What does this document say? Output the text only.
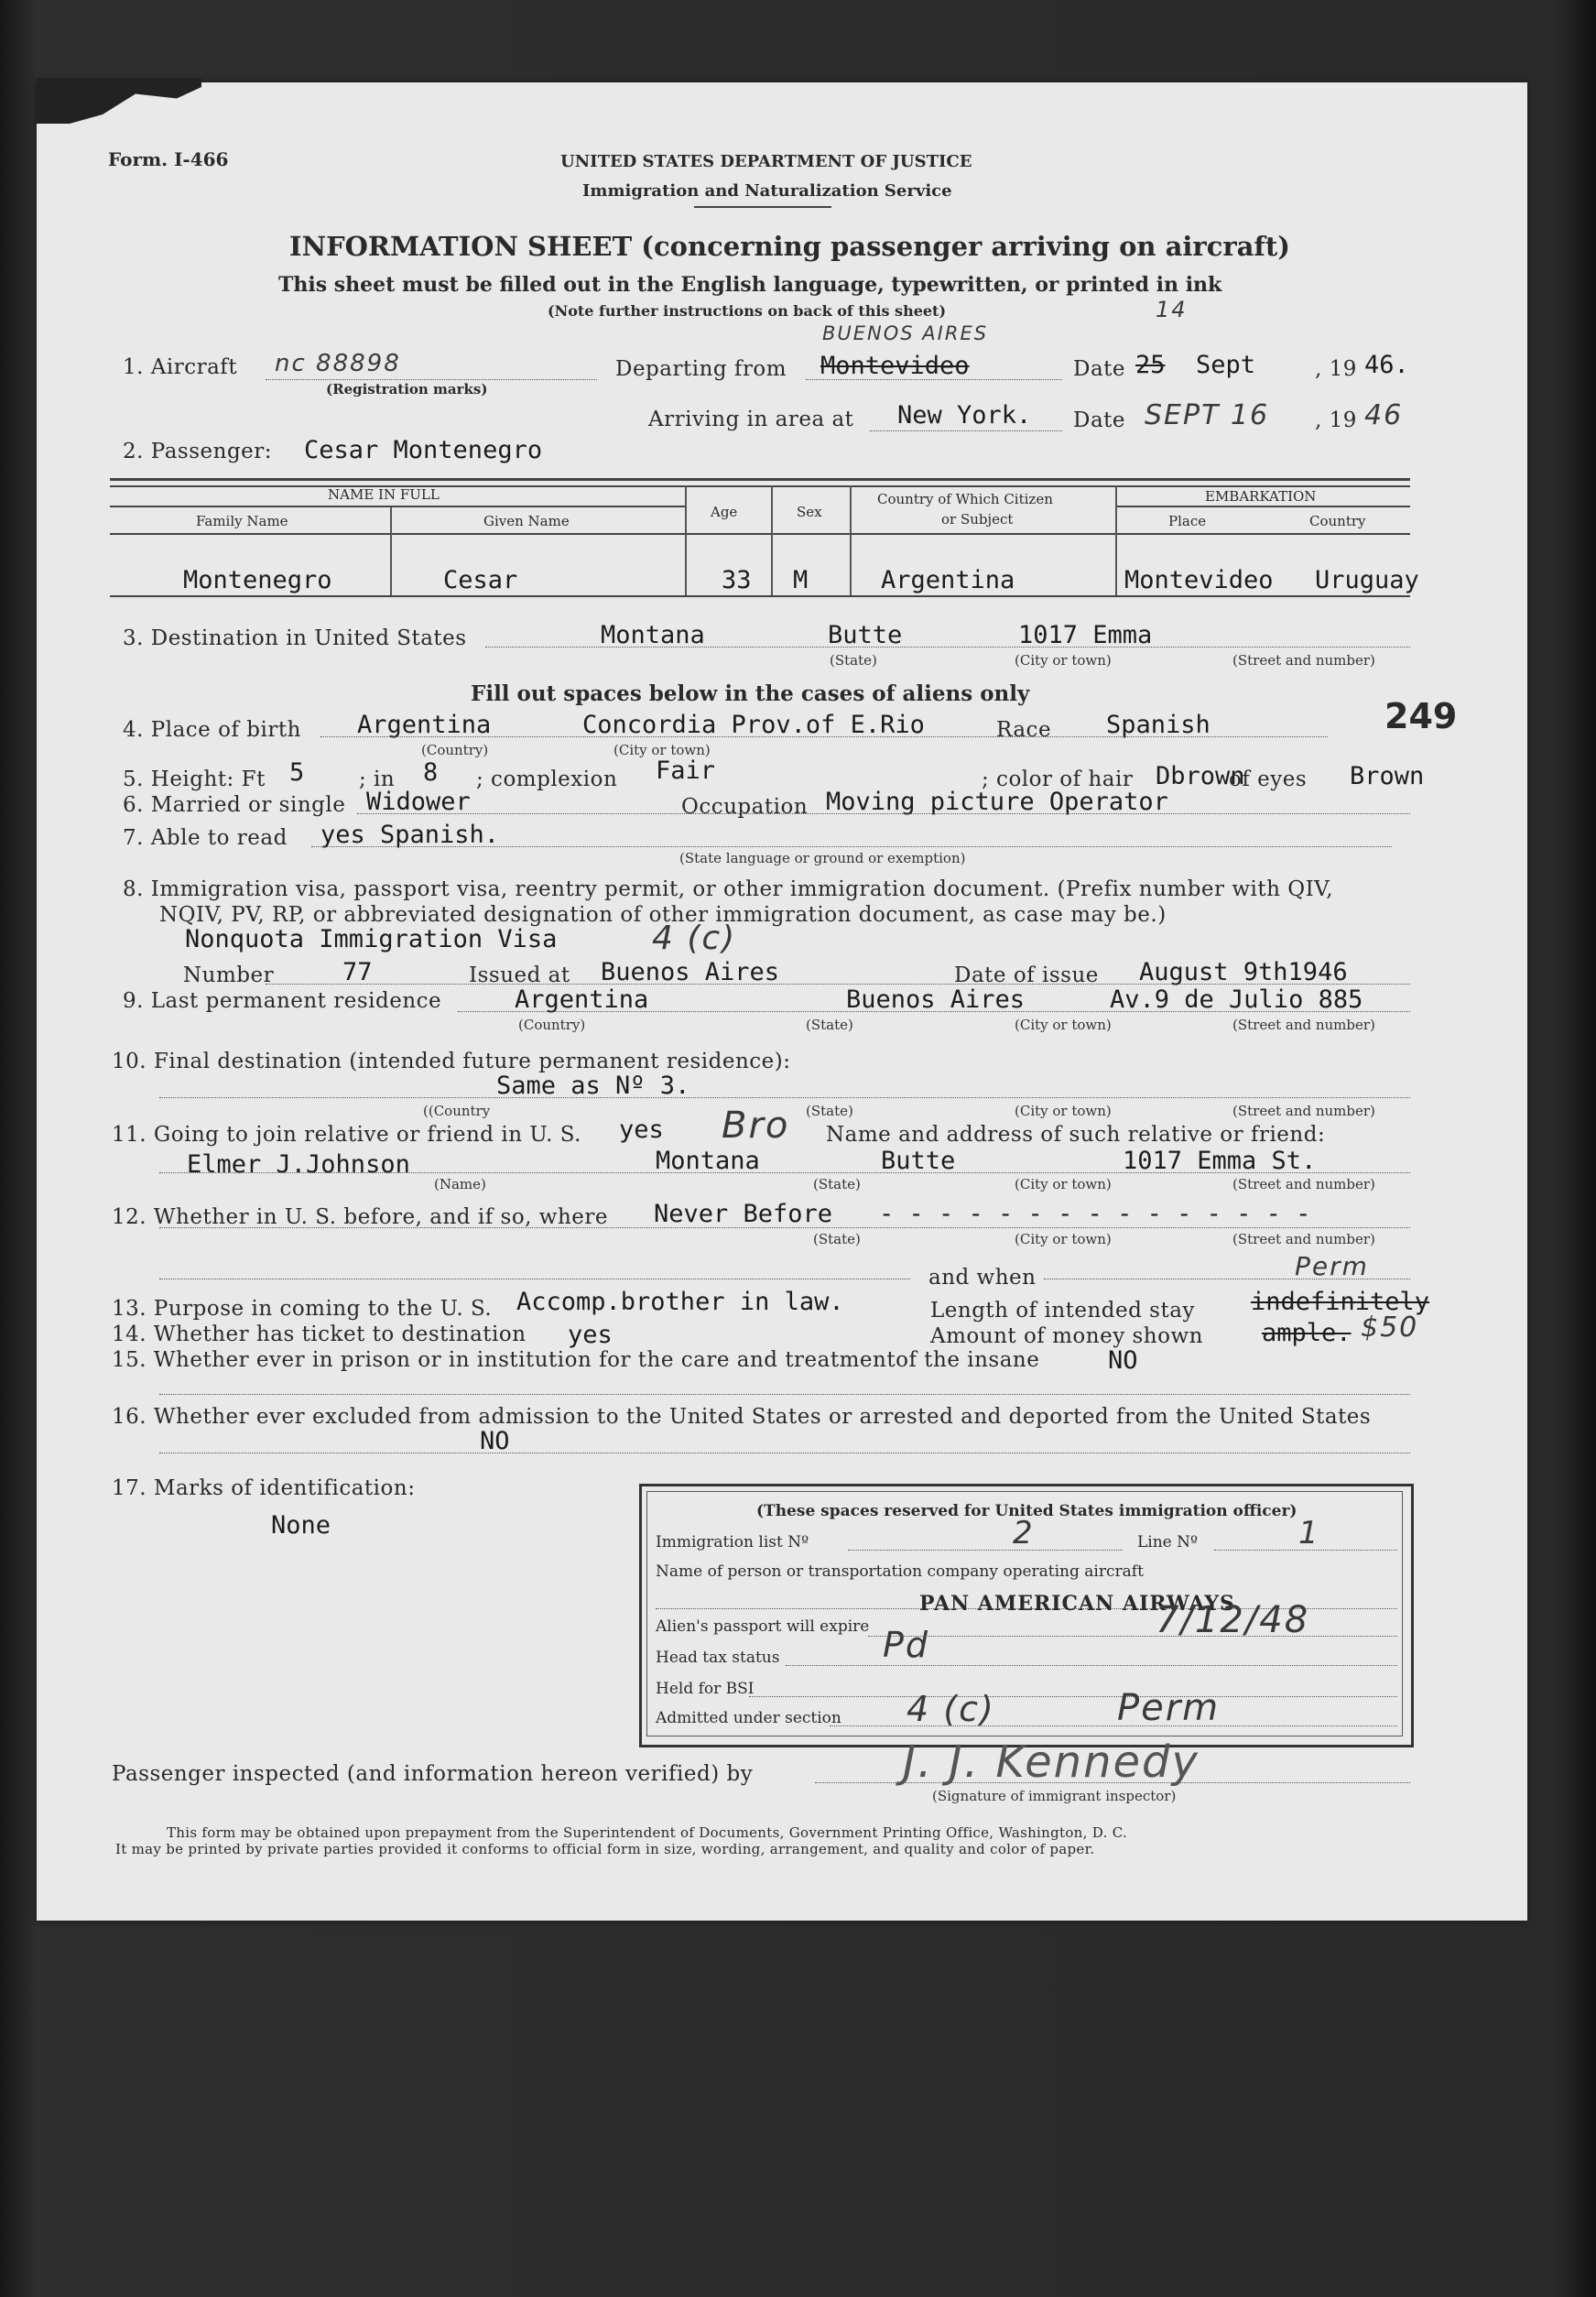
Form. I-466	UNITED STATES DEPARTMENT OF JUSTICE
Immigration and Naturalization Service
INFORMATION SHEET (concerning passenger arriving on aircraft)
This sheet must be filled out in the English language, typewritten, or printed in ink
(Note further instructions on back of this sheet)
1. Aircraft nc 88898
(Registration marks)
Departing from
BUENOS AIRES
Montevideo	Date
14
25 Sept	, 19 46.
Arriving in area at New York. Date SEPT 16 , 19 46
2. Passenger: Cesar Montenegro
NAME IN FULL
Family Name	Given Name
Age	Sex
Country of Which Citizen
or Subject
EMBARKATION
Place	Country
Montenegro	Cesar	33 M	Argentina	Montevideo Uruguay
3. Destination in United States	Montana	Butte	1017 Emma
(State)	(City or town)	(Street and number)
Fill out spaces below in the cases of aliens only
4. Place of birth Argentina	Concordia Prov.of E.Rio	Race Spanish	249
(Country)	(City or town)
5. Height: Ft 5	; in 8 ; complexion Fair	; color of hair Dbrown
of eyes Brown
6. Married or single Widower	Occupation Moving picture Operator
7. Able to read yes Spanish.
(State language or ground or exemption)
8. Immigration visa, passport visa, reentry permit, or other immigration document. (Prefix number with QIV,
NQIV, PV, RP, or abbreviated designation of other immigration document, as case may be.)
Nonquota Immigration Visa	4 (c)
Number	77	Issued at Buenos Aires	Date of issue August 9th1946
9. Last permanent residence	Argentina	Buenos Aires	Av.9 de Julio 885
(Country)	(State)	(City or town)	(Street and number)
10. Final destination (intended future permanent residence):
Same as Nº 3.
((Country	(State)	(City or town)	(Street and number)
11. Going to join relative or friend in U. S. yes Bro Name and address of such relative or friend:
Elmer J.Johnson	Montana	Butte	1017 Emma St.
(Name)	(State)	(City or town)	(Street and number)
12. Whether in U. S. before, and if so, where Never Before - - - - - - - - - - - - - - -
(State)	(City or town)	(Street and number)
and when
13. Purpose in coming to the U. S. Accomp.brother in law.	Length of intended stay
Perm
indefinitely
14. Whether has ticket to destination yes	Amount of money shown ample. $50
15. Whether ever in prison or in institution for the care and treatmentof the insane	NO
16. Whether ever excluded from admission to the United States or arrested and deported from the United States
NO
17. Marks of identification:
None	(These spaces reserved for United States immigration officer)
Immigration list Nº	2	Line Nº	1
Name of person or transportation company operating aircraft
PAN AMERICAN AIRWAYS
Alien's passport will expire Pd
7/12/48
Head tax status
Held for BSI
Admitted under section 4 (c)	Perm
Passenger inspected (and information hereon verified) by	J. J. Kennedy
(Signature of immigrant inspector)
This form may be obtained upon prepayment from the Superintendent of Documents, Government Printing Office, Washington, D. C.
It may be printed by private parties provided it conforms to official form in size, wording, arrangement, and quality and color of paper.
